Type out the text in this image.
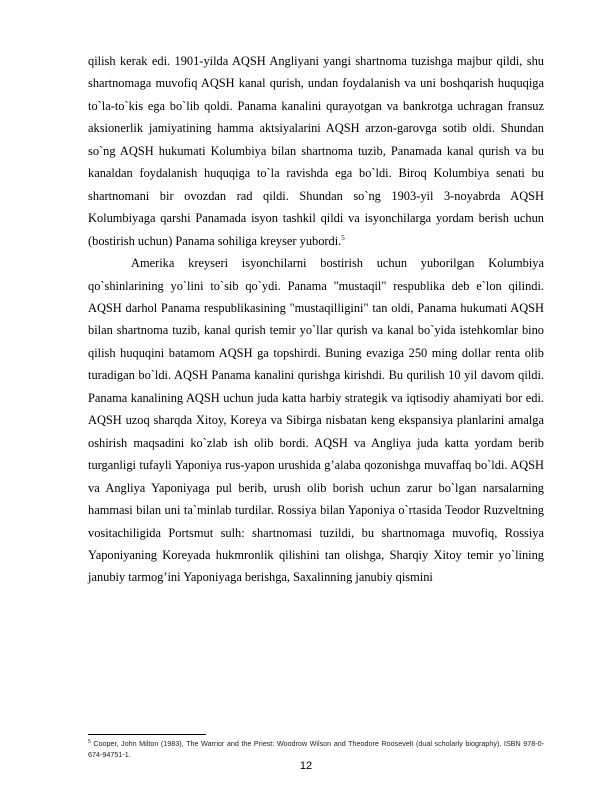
qilish kerak edi. 1901-yilda AQSH Angliyani yangi shartnoma tuzishga majbur qildi, shu shartnomaga muvofiq AQSH kanal qurish, undan foydalanish va uni boshqarish huquqiga to`la-to`kis ega bo`lib qoldi. Panama kanalini qurayotgan va bankrotga uchragan fransuz aksionerlik jamiyatining hamma aktsiyalarini AQSH arzon-garovga sotib oldi. Shundan so`ng AQSH hukumati Kolumbiya bilan shartnoma tuzib, Panamada kanal qurish va bu kanaldan foydalanish huquqiga to`la ravishda ega bo`ldi. Biroq Kolumbiya senati bu shartnomani bir ovozdan rad qildi. Shundan so`ng 1903-yil 3-noyabrda AQSH Kolumbiyaga qarshi Panamada isyon tashkil qildi va isyonchilarga yordam berish uchun (bostirish uchun) Panama sohiliga kreyser yubordi.$^5$

Amerika kreyseri isyonchilarni bostirish uchun yuborilgan Kolumbiya qo`shinlarining yo`lini to`sib qo`ydi. Panama "mustaqil" respublika deb e`lon qilindi. AQSH darhol Panama respublikasining "mustaqilligini" tan oldi, Panama hukumati AQSH bilan shartnoma tuzib, kanal qurish temir yo`llar qurish va kanal bo`yida istehkomlar bino qilish huquqini batamom AQSH ga topshirdi. Buning evaziga 250 ming dollar renta olib turadigan bo`ldi. AQSH Panama kanalini qurishga kirishdi. Bu qurilish 10 yil davom qildi. Panama kanalining AQSH uchun juda katta harbiy strategik va iqtisodiy ahamiyati bor edi. AQSH uzoq sharqda Xitoy, Koreya va Sibirga nisbatan keng ekspansiya planlarini amalga oshirish maqsadini ko`zlab ish olib bordi. AQSH va Angliya juda katta yordam berib turganligi tufayli Yaponiya rus-yapon urushida g’alaba qozonishga muvaffaq bo`ldi. AQSH va Angliya Yaponiyaga pul berib, urush olib borish uchun zarur bo`lgan narsalarning hammasi bilan uni ta`minlab turdilar. Rossiya bilan Yaponiya o`rtasida Teodor Ruzveltning vositachiligida Portsmut sulh: shartnomasi tuzildi, bu shartnomaga muvofiq, Rossiya Yaponiyaning Koreyada hukmronlik qilishini tan olishga, Sharqiy Xitoy temir yo`lining janubiy tarmog’ini Yaponiyaga berishga, Saxalinning janubiy qismini

$^5$ Cooper, John Milton (1983), The Warrior and the Priest: Woodrow Wilson and Theodore Roosevelt (dual scholarly biography), ISBN 978-0-674-94751-1.
12
